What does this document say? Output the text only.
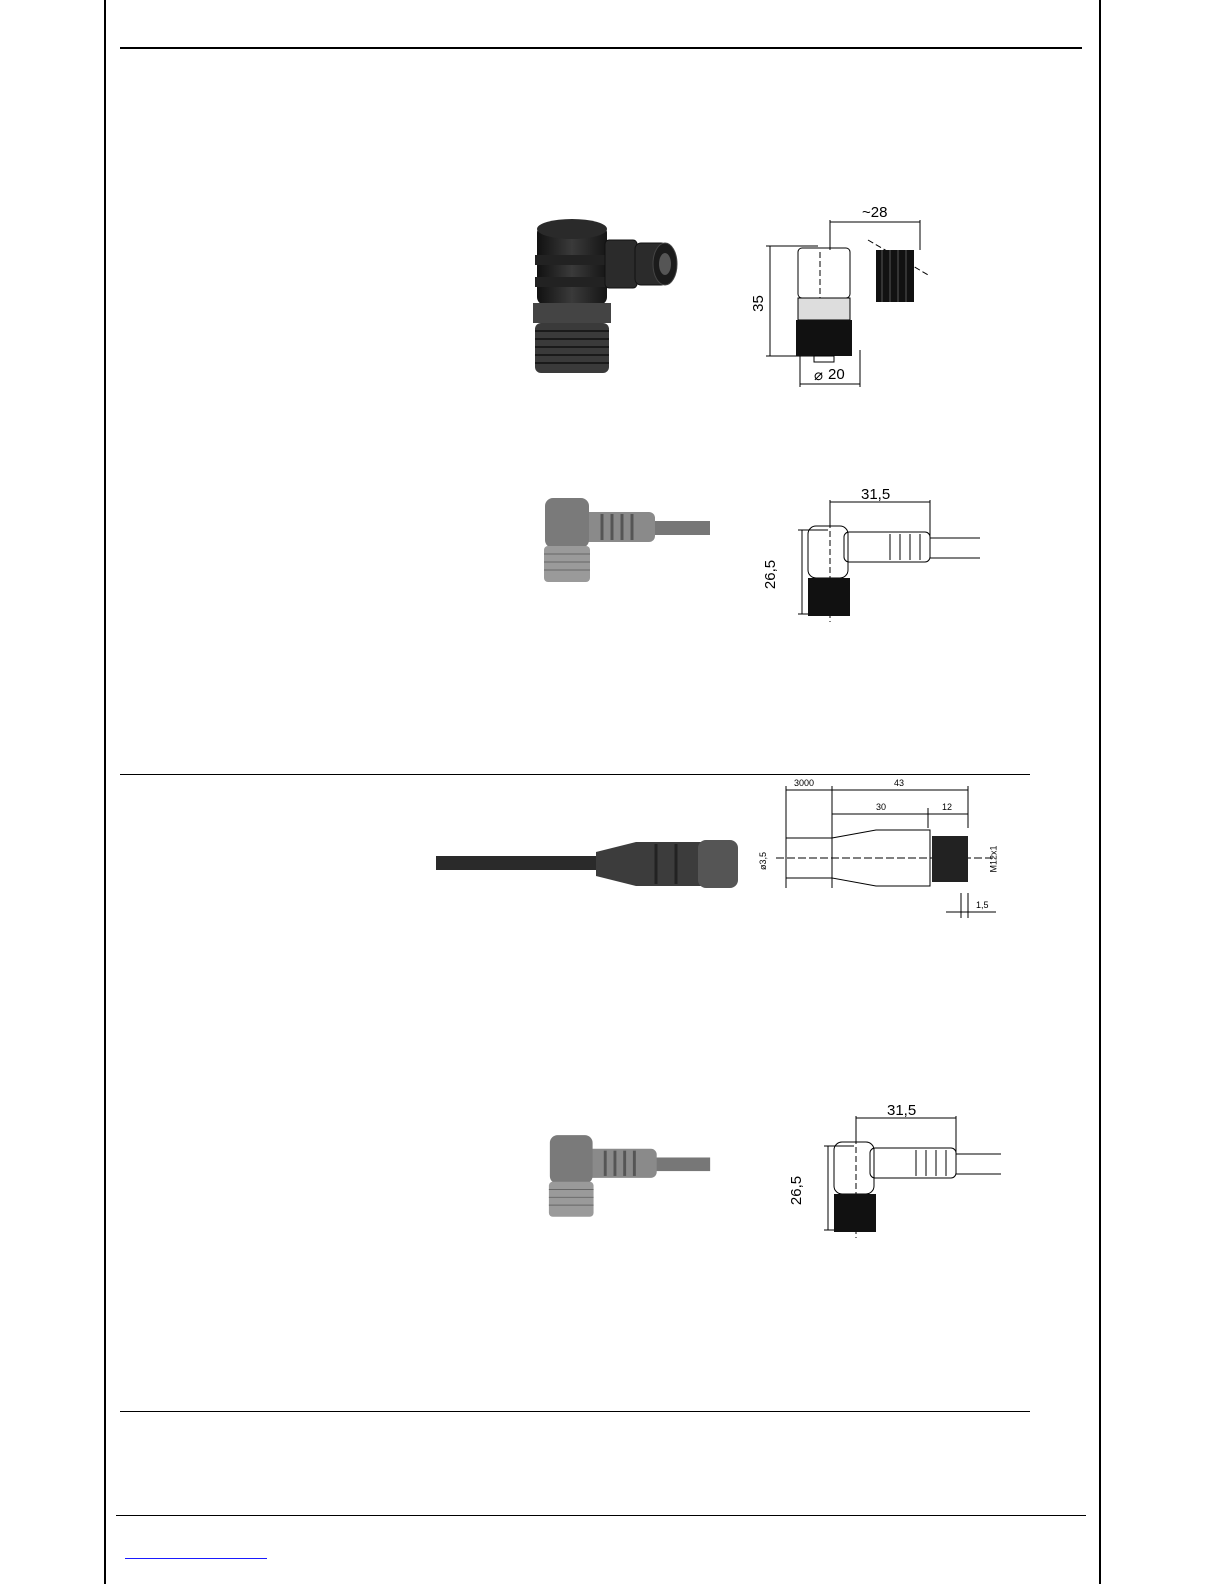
~28
35
⌀ 20
31,5
26,5
3000	43
30	12
ø3,5	M12x1
1,5
31,5
26,5
